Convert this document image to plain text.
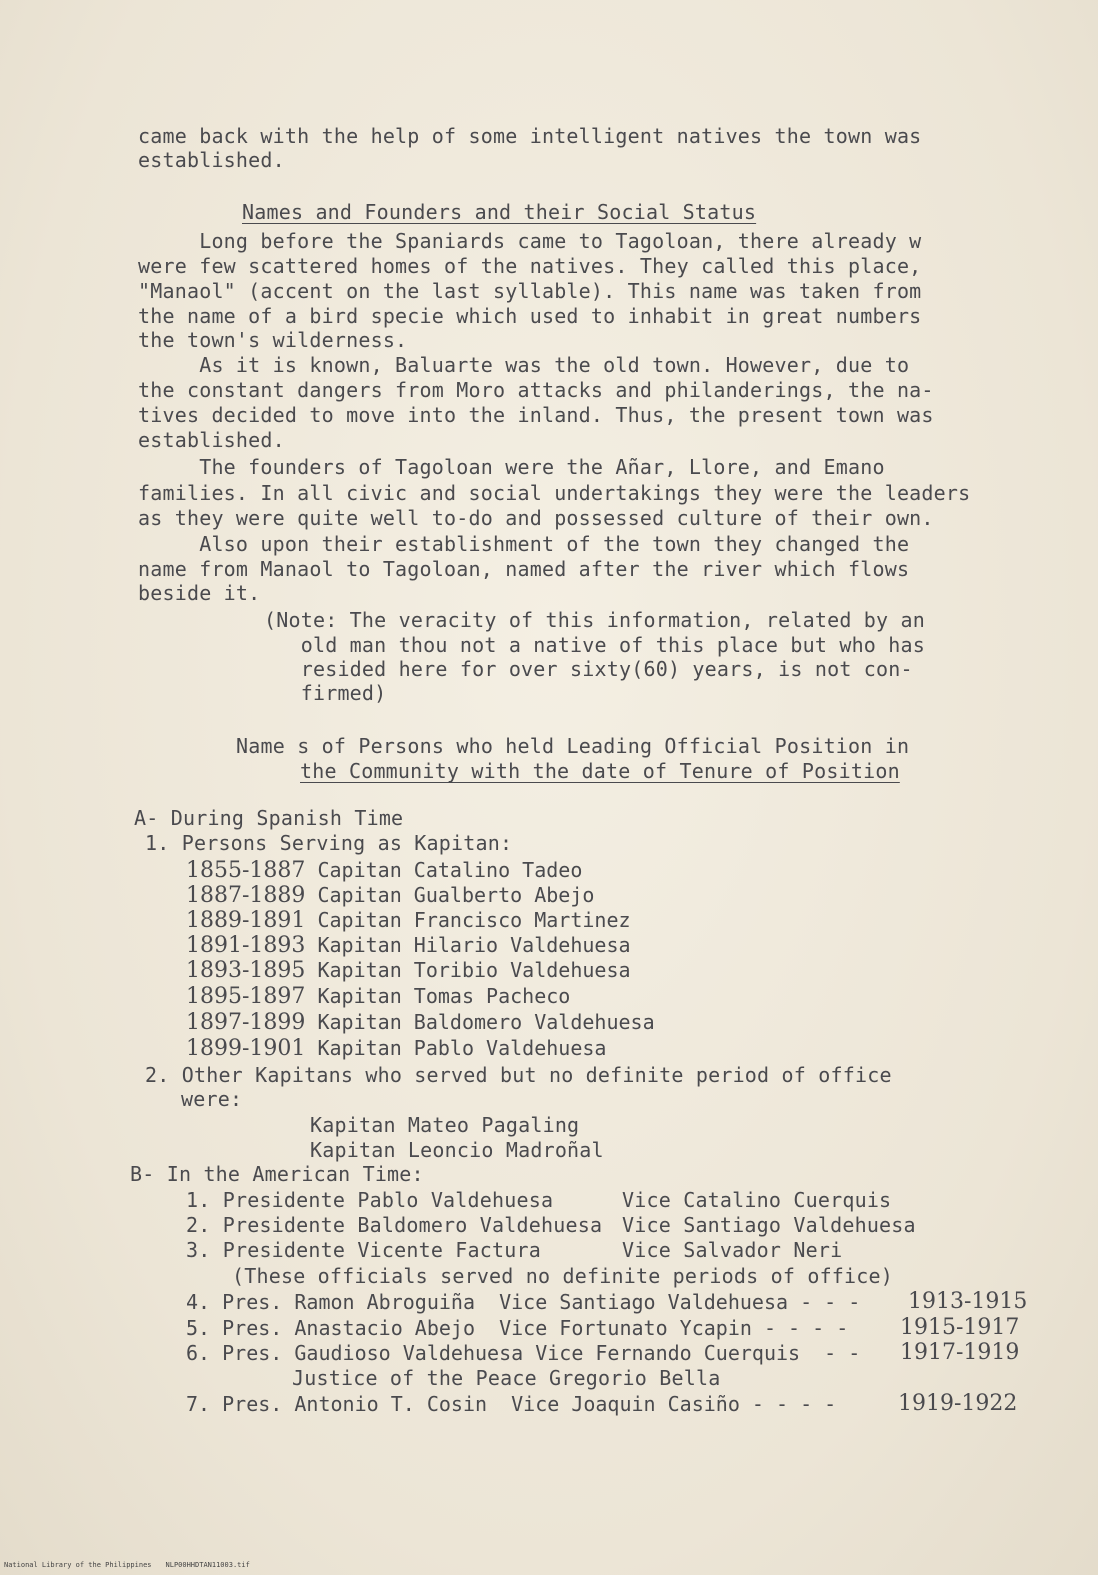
came back with the help of some intelligent natives the town was
established.
Names and Founders and their Social Status
Long before the Spaniards came to Tagoloan, there already w
were few scattered homes of the natives. They called this place,
"Manaol" (accent on the last syllable). This name was taken from
the name of a bird specie which used to inhabit in great numbers
the town's wilderness.
As it is known, Baluarte was the old town. However, due to
the constant dangers from Moro attacks and philanderings, the na-
tives decided to move into the inland. Thus, the present town was
established.
The founders of Tagoloan were the Añar, Llore, and Emano
families. In all civic and social undertakings they were the leaders
as they were quite well to-do and possessed culture of their own.
Also upon their establishment of the town they changed the
name from Manaol to Tagoloan, named after the river which flows
beside it.
(Note: The veracity of this information, related by an
old man thou not a native of this place but who has
resided here for over sixty(60) years, is not con-
firmed)
Name s of Persons who held Leading Official Position in
the Community with the date of Tenure of Position
A- During Spanish Time
1. Persons Serving as Kapitan:
1855-1887 Capitan Catalino Tadeo
1887-1889 Capitan Gualberto Abejo
1889-1891 Capitan Francisco Martinez
1891-1893 Kapitan Hilario Valdehuesa
1893-1895 Kapitan Toribio Valdehuesa
1895-1897 Kapitan Tomas Pacheco
1897-1899 Kapitan Baldomero Valdehuesa
1899-1901 Kapitan Pablo Valdehuesa
2. Other Kapitans who served but no definite period of office
were:
Kapitan Mateo Pagaling
Kapitan Leoncio Madroñal
B- In the American Time:
1. Presidente Pablo Valdehuesa	Vice Catalino Cuerquis
2. Presidente Baldomero Valdehuesa Vice Santiago Valdehuesa
3. Presidente Vicente Factura	Vice Salvador Neri
(These officials served no definite periods of office)
4. Pres. Ramon Abroguiña  Vice Santiago Valdehuesa - - - 1913-1915
5. Pres. Anastacio Abejo  Vice Fortunato Ycapin - - - - 1915-1917
6. Pres. Gaudioso Valdehuesa Vice Fernando Cuerquis  - - 1917-1919
Justice of the Peace Gregorio Bella
7. Pres. Antonio T. Cosin  Vice Joaquin Casiño - - - -	1919-1922
National Library of the Philippines NLP00HHDTAN11003.tif
